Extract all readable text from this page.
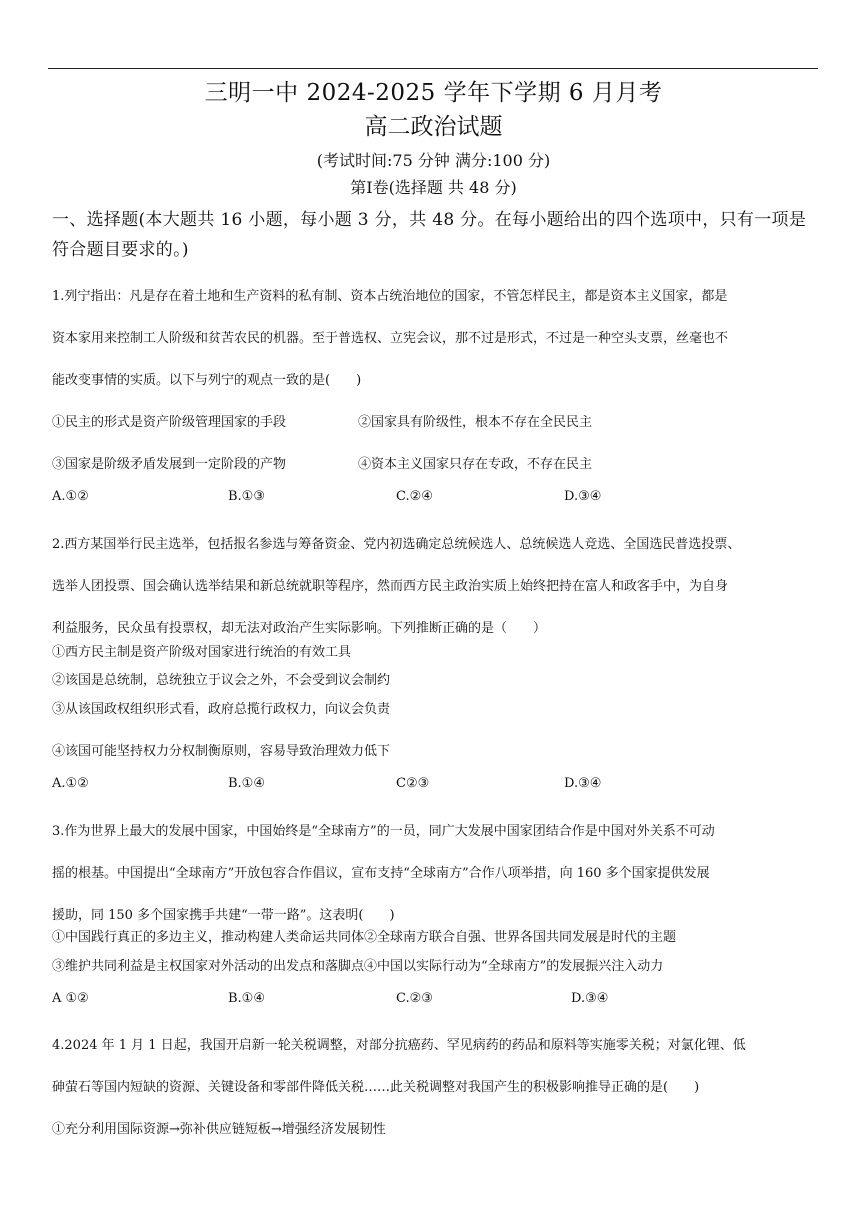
三明一中 2024-2025 学年下学期 6 月月考
高二政治试题
(考试时间:75 分钟 满分:100 分)
第Ⅰ卷(选择题 共 48 分)
一、选择题(本大题共 16 小题，每小题 3 分，共 48 分。在每小题给出的四个选项中，只有一项是符合题目要求的。)
1.列宁指出：凡是存在着土地和生产资料的私有制、资本占统治地位的国家，不管怎样民主，都是资本主义国家，都是
资本家用来控制工人阶级和贫苦农民的机器。至于普选权、立宪会议，那不过是形式，不过是一种空头支票，丝毫也不
能改变事情的实质。以下与列宁的观点一致的是(　　)
①民主的形式是资产阶级管理国家的手段	②国家具有阶级性，根本不存在全民民主
③国家是阶级矛盾发展到一定阶段的产物	④资本主义国家只存在专政，不存在民主
A.①②	B.①③	C.②④	D.③④
2.西方某国举行民主选举，包括报名参选与筹备资金、党内初选确定总统候选人、总统候选人竞选、全国选民普选投票、
选举人团投票、国会确认选举结果和新总统就职等程序，然而西方民主政治实质上始终把持在富人和政客手中，为自身
利益服务，民众虽有投票权，却无法对政治产生实际影响。下列推断正确的是（　　）
①西方民主制是资产阶级对国家进行统治的有效工具
②该国是总统制，总统独立于议会之外，不会受到议会制约
③从该国政权组织形式看，政府总揽行政权力，向议会负责
④该国可能坚持权力分权制衡原则，容易导致治理效力低下
A.①②	B.①④	C②③	D.③④
3.作为世界上最大的发展中国家，中国始终是“全球南方”的一员，同广大发展中国家团结合作是中国对外关系不可动
摇的根基。中国提出“全球南方”开放包容合作倡议，宣布支持“全球南方”合作八项举措，向 160 多个国家提供发展
援助，同 150 多个国家携手共建“一带一路”。这表明(　　)
①中国践行真正的多边主义，推动构建人类命运共同体②全球南方联合自强、世界各国共同发展是时代的主题
③维护共同利益是主权国家对外活动的出发点和落脚点④中国以实际行动为“全球南方”的发展振兴注入动力
A ①②	B.①④	C.②③	D.③④
4.2024 年 1 月 1 日起，我国开启新一轮关税调整，对部分抗癌药、罕见病药的药品和原料等实施零关税；对氯化锂、低
砷萤石等国内短缺的资源、关键设备和零部件降低关税……此关税调整对我国产生的积极影响推导正确的是(　　)
①充分利用国际资源→弥补供应链短板→增强经济发展韧性
